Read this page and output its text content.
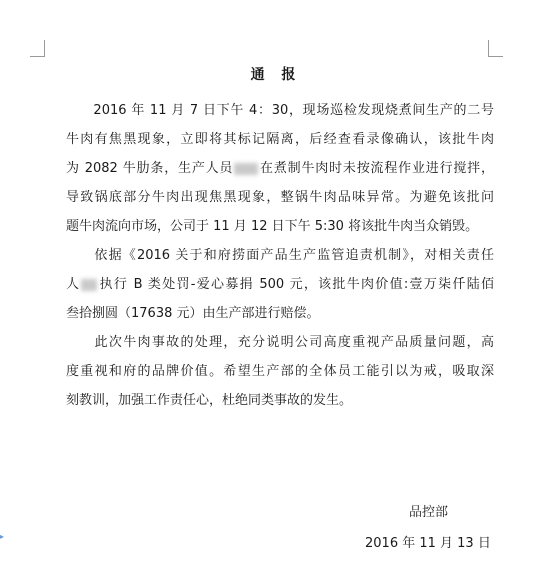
通 报
　　2016 年 11 月 7 日下午 4：30，现场巡检发现烧煮间生产的二号
牛肉有焦黑现象，立即将其标记隔离，后经查看录像确认，该批牛肉
为 2082 牛肋条，生产人员 在煮制牛肉时未按流程作业进行搅拌，
导致锅底部分牛肉出现焦黑现象，整锅牛肉品味异常。为避免该批问
题牛肉流向市场，公司于 11 月 12 日下午 5:30 将该批牛肉当众销毁。
　　依据《2016 关于和府捞面产品生产监管追责机制》，对相关责任
人 执行 B 类处罚-爱心募捐 500 元，该批牛肉价值:壹万柒仟陆佰
叁拾捌圆（17638 元）由生产部进行赔偿。
　　此次牛肉事故的处理，充分说明公司高度重视产品质量问题，高
度重视和府的品牌价值。希望生产部的全体员工能引以为戒，吸取深
刻教训，加强工作责任心，杜绝同类事故的发生。
品控部
2016 年 11 月 13 日
▸
